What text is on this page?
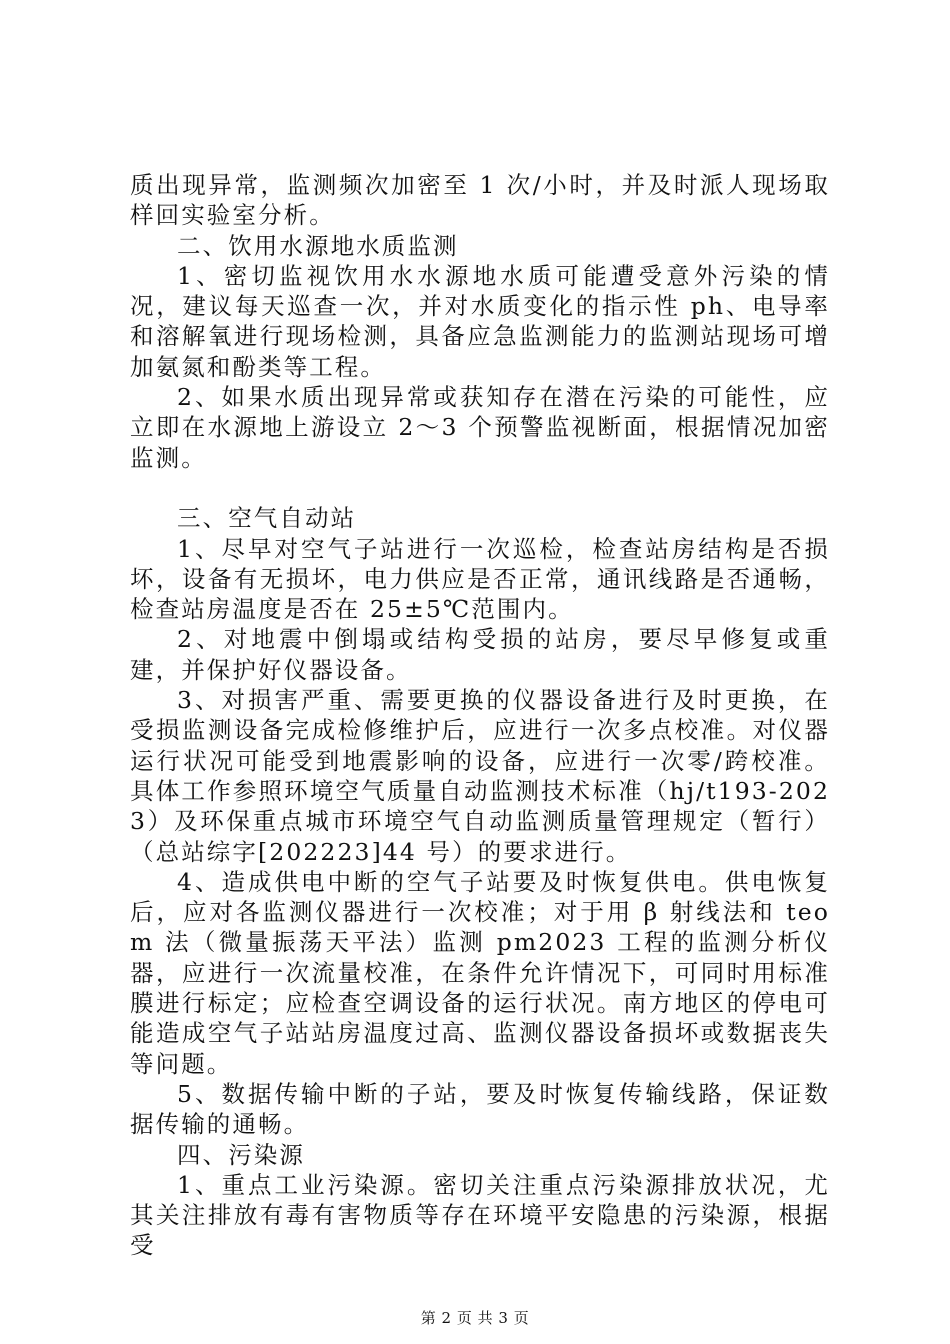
质出现异常，监测频次加密至 1 次/小时，并及时派人现场取样回实验室分析。

二、饮用水源地水质监测

1、密切监视饮用水水源地水质可能遭受意外污染的情况，建议每天巡查一次，并对水质变化的指示性 ph、电导率和溶解氧进行现场检测，具备应急监测能力的监测站现场可增加氨氮和酚类等工程。

2、如果水质出现异常或获知存在潜在污染的可能性，应立即在水源地上游设立 2～3 个预警监视断面，根据情况加密监测。

三、空气自动站

1、尽早对空气子站进行一次巡检，检查站房结构是否损坏，设备有无损坏，电力供应是否正常，通讯线路是否通畅，检查站房温度是否在 25±5℃范围内。

2、对地震中倒塌或结构受损的站房，要尽早修复或重建，并保护好仪器设备。

3、对损害严重、需要更换的仪器设备进行及时更换，在受损监测设备完成检修维护后，应进行一次多点校准。对仪器运行状况可能受到地震影响的设备，应进行一次零/跨校准。具体工作参照环境空气质量自动监测技术标准（hj/t193-2023）及环保重点城市环境空气自动监测质量管理规定（暂行）（总站综字[202223]44 号）的要求进行。

4、造成供电中断的空气子站要及时恢复供电。供电恢复后，应对各监测仪器进行一次校准；对于用 β 射线法和 teom 法（微量振荡天平法）监测 pm2023 工程的监测分析仪器，应进行一次流量校准，在条件允许情况下，可同时用标准膜进行标定；应检查空调设备的运行状况。南方地区的停电可能造成空气子站站房温度过高、监测仪器设备损坏或数据丧失等问题。

5、数据传输中断的子站，要及时恢复传输线路，保证数据传输的通畅。

四、污染源

1、重点工业污染源。密切关注重点污染源排放状况，尤其关注排放有毒有害物质等存在环境平安隐患的污染源，根据受

第 2 页 共 3 页
